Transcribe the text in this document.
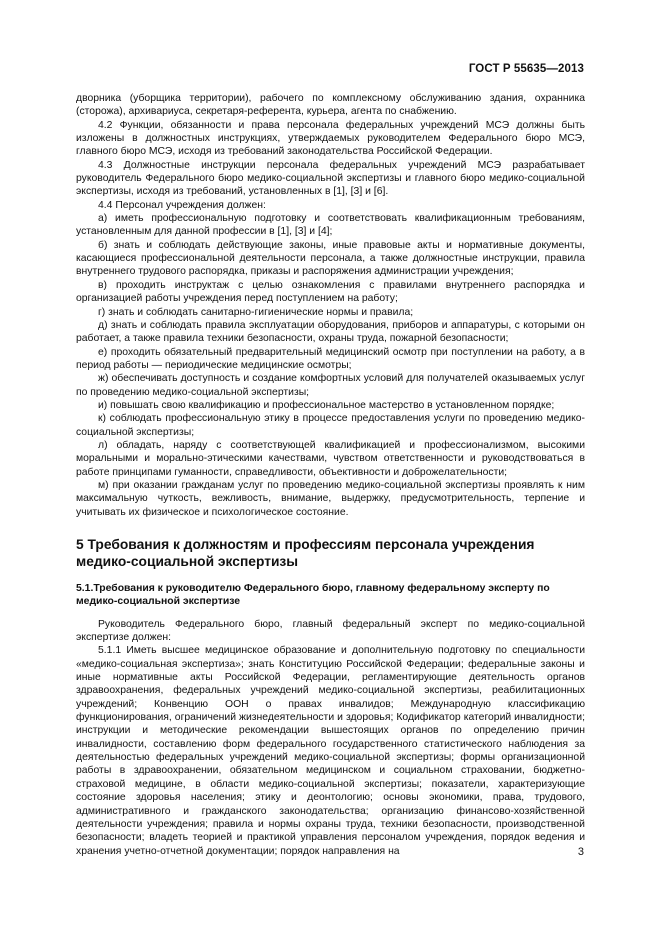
ГОСТ Р 55635—2013

дворника (уборщика территории), рабочего по комплексному обслуживанию здания, охранника (сторожа), архивариуса, секретаря-референта, курьера, агента по снабжению.

4.2 Функции, обязанности и права персонала федеральных учреждений МСЭ должны быть изложены в должностных инструкциях, утверждаемых руководителем Федерального бюро МСЭ, главного бюро МСЭ, исходя из требований законодательства Российской Федерации.

4.3 Должностные инструкции персонала федеральных учреждений МСЭ разрабатывает руководитель Федерального бюро медико-социальной экспертизы и главного бюро медико-социальной экспертизы, исходя из требований, установленных в [1], [3] и [6].

4.4 Персонал учреждения должен:

а) иметь профессиональную подготовку и соответствовать квалификационным требованиям, установленным для данной профессии в [1], [3] и [4];

б) знать и соблюдать действующие законы, иные правовые акты и нормативные документы, касающиеся профессиональной деятельности персонала, а также должностные инструкции, правила внутреннего трудового распорядка, приказы и распоряжения администрации учреждения;

в) проходить инструктаж с целью ознакомления с правилами внутреннего распорядка и организацией работы учреждения перед поступлением на работу;

г) знать и соблюдать санитарно-гигиенические нормы и правила;

д) знать и соблюдать правила эксплуатации оборудования, приборов и аппаратуры, с которыми он работает, а также правила техники безопасности, охраны труда, пожарной безопасности;

е) проходить обязательный предварительный медицинский осмотр при поступлении на работу, а в период работы — периодические медицинские осмотры;

ж) обеспечивать доступность и создание комфортных условий для получателей оказываемых услуг по проведению медико-социальной экспертизы;

и) повышать свою квалификацию и профессиональное мастерство в установленном порядке;

к) соблюдать профессиональную этику в процессе предоставления услуги по проведению медико-социальной экспертизы;

л) обладать, наряду с соответствующей квалификацией и профессионализмом, высокими моральными и морально-этическими качествами, чувством ответственности и руководствоваться в работе принципами гуманности, справедливости, объективности и доброжелательности;

м) при оказании гражданам услуг по проведению медико-социальной экспертизы проявлять к ним максимальную чуткость, вежливость, внимание, выдержку, предусмотрительность, терпение и учитывать их физическое и психологическое состояние.

5 Требования к должностям и профессиям персонала учреждения медико-социальной экспертизы

5.1.Требования к руководителю Федерального бюро, главному федеральному эксперту по медико-социальной экспертизе

Руководитель Федерального бюро, главный федеральный эксперт по медико-социальной экспертизе должен:

5.1.1 Иметь высшее медицинское образование и дополнительную подготовку по специальности «медико-социальная экспертиза»; знать Конституцию Российской Федерации; федеральные законы и иные нормативные акты Российской Федерации, регламентирующие деятельность органов здравоохранения, федеральных учреждений медико-социальной экспертизы, реабилитационных учреждений; Конвенцию ООН о правах инвалидов; Международную классификацию функционирования, ограничений жизнедеятельности и здоровья; Кодификатор категорий инвалидности; инструкции и методические рекомендации вышестоящих органов по определению причин инвалидности, составлению форм федерального государственного статистического наблюдения за деятельностью федеральных учреждений медико-социальной экспертизы; формы организационной работы в здравоохранении, обязательном медицинском и социальном страховании, бюджетно-страховой медицине, в области медико-социальной экспертизы; показатели, характеризующие состояние здоровья населения; этику и деонтологию; основы экономики, права, трудового, административного и гражданского законодательства; организацию финансово-хозяйственной деятельности учреждения; правила и нормы охраны труда, техники безопасности, производственной безопасности; владеть теорией и практикой управления персоналом учреждения, порядок ведения и хранения учетно-отчетной документации; порядок направления на	3
